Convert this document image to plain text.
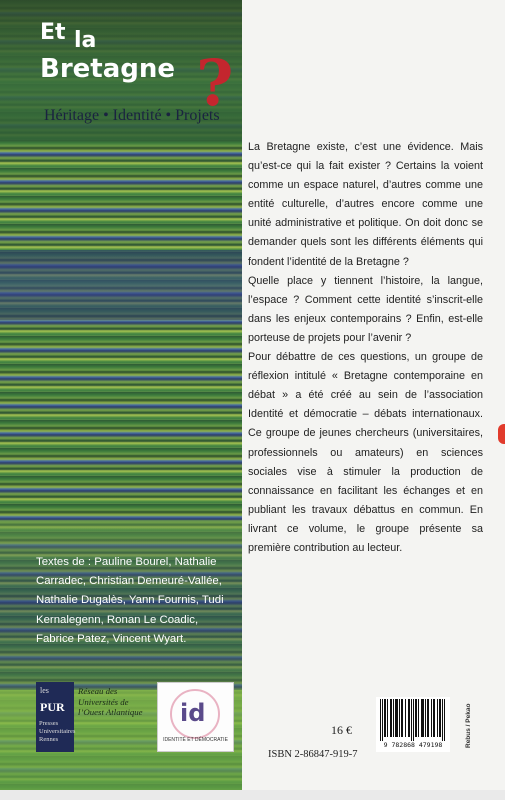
Et la
Bretagne ?
Héritage • Identité • Projets
Textes de : Pauline Bourel, Nathalie Carradec, Christian Demeuré-Vallée, Nathalie Dugalès, Yann Fournis, Tudi Kernalegenn, Ronan Le Coadic, Fabrice Patez, Vincent Wyart.
les
PUR
Presses Universitaires Rennes
Réseau des Universités de l’Ouest Atlantique id
IDENTITÉ ET DÉMOCRATIE

La Bretagne existe, c’est une évidence. Mais qu’est-ce qui la fait exister ? Certains la voient comme un espace naturel, d’autres comme une entité culturelle, d’autres encore comme une unité administrative et politique. On doit donc se demander quels sont les différents éléments qui fondent l’identité de la Bretagne ?

Quelle place y tiennent l’histoire, la langue, l’espace ? Comment cette identité s’inscrit-elle dans les enjeux contemporains ? Enfin, est-elle porteuse de projets pour l’avenir ?

Pour débattre de ces questions, un groupe de réflexion intitulé « Bretagne contemporaine en débat » a été créé au sein de l’association Identité et démocratie – débats internationaux. Ce groupe de jeunes chercheurs (universitaires, professionnels ou amateurs) en sciences sociales vise à stimuler la production de connaissance en facilitant les échanges et en publiant les travaux débattus en commun. En livrant ce volume, le groupe présente sa première contribution au lecteur.

16 €
ISBN 2-86847-919-7
9 782868 479198	Rebus / Pekao
